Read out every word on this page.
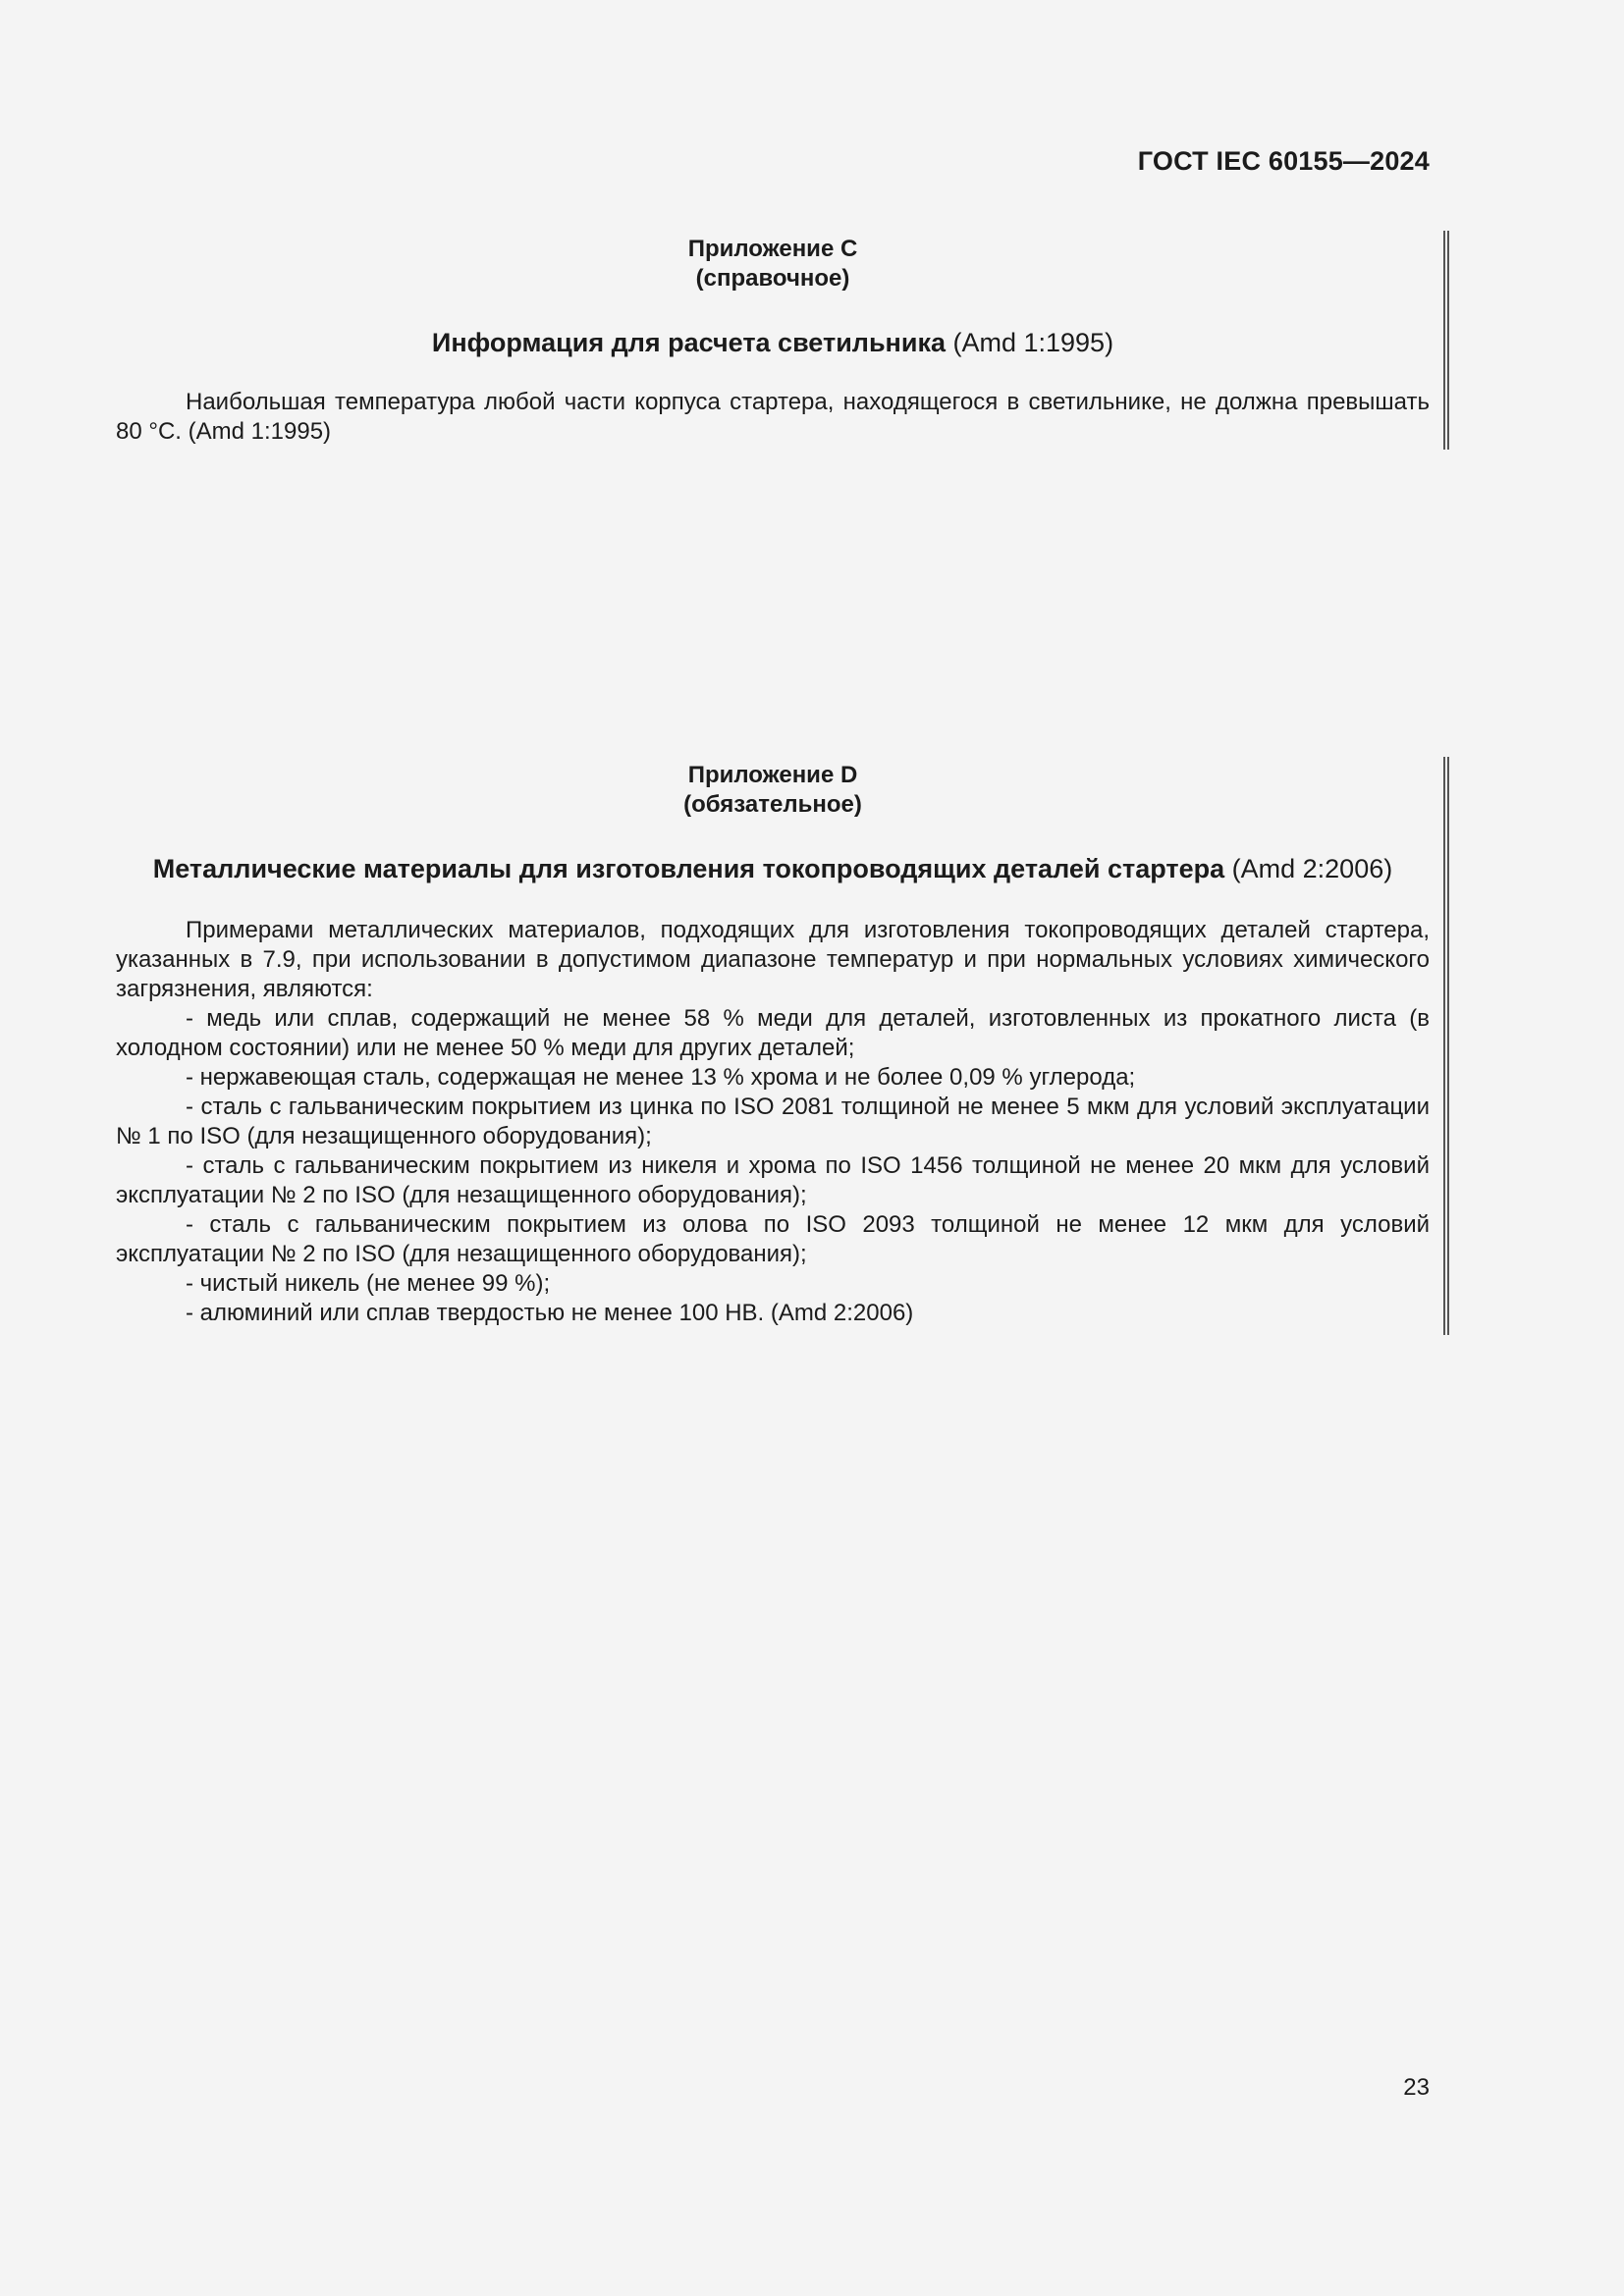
ГОСТ IEC 60155—2024
Приложение C
(справочное)
Информация для расчета светильника (Amd 1:1995)

Наибольшая температура любой части корпуса стартера, находящегося в светильнике, не должна превышать 80 °С. (Amd 1:1995)

Приложение D
(обязательное)
Металлические материалы для изготовления токопроводящих деталей стартера (Amd 2:2006)

Примерами металлических материалов, подходящих для изготовления токопроводящих деталей стартера, указанных в 7.9, при использовании в допустимом диапазоне температур и при нормальных условиях химического загрязнения, являются:

- медь или сплав, содержащий не менее 58 % меди для деталей, изготовленных из прокатного листа (в холодном состоянии) или не менее 50 % меди для других деталей;

- нержавеющая сталь, содержащая не менее 13 % хрома и не более 0,09 % углерода;

- сталь с гальваническим покрытием из цинка по ISO 2081 толщиной не менее 5 мкм для условий эксплуатации № 1 по ISO (для незащищенного оборудования);

- сталь с гальваническим покрытием из никеля и хрома по ISO 1456 толщиной не менее 20 мкм для условий эксплуатации № 2 по ISO (для незащищенного оборудования);

- сталь с гальваническим покрытием из олова по ISO 2093 толщиной не менее 12 мкм для условий эксплуатации № 2 по ISO (для незащищенного оборудования);

- чистый никель (не менее 99 %);

- алюминий или сплав твердостью не менее 100 НВ. (Amd 2:2006)

23
